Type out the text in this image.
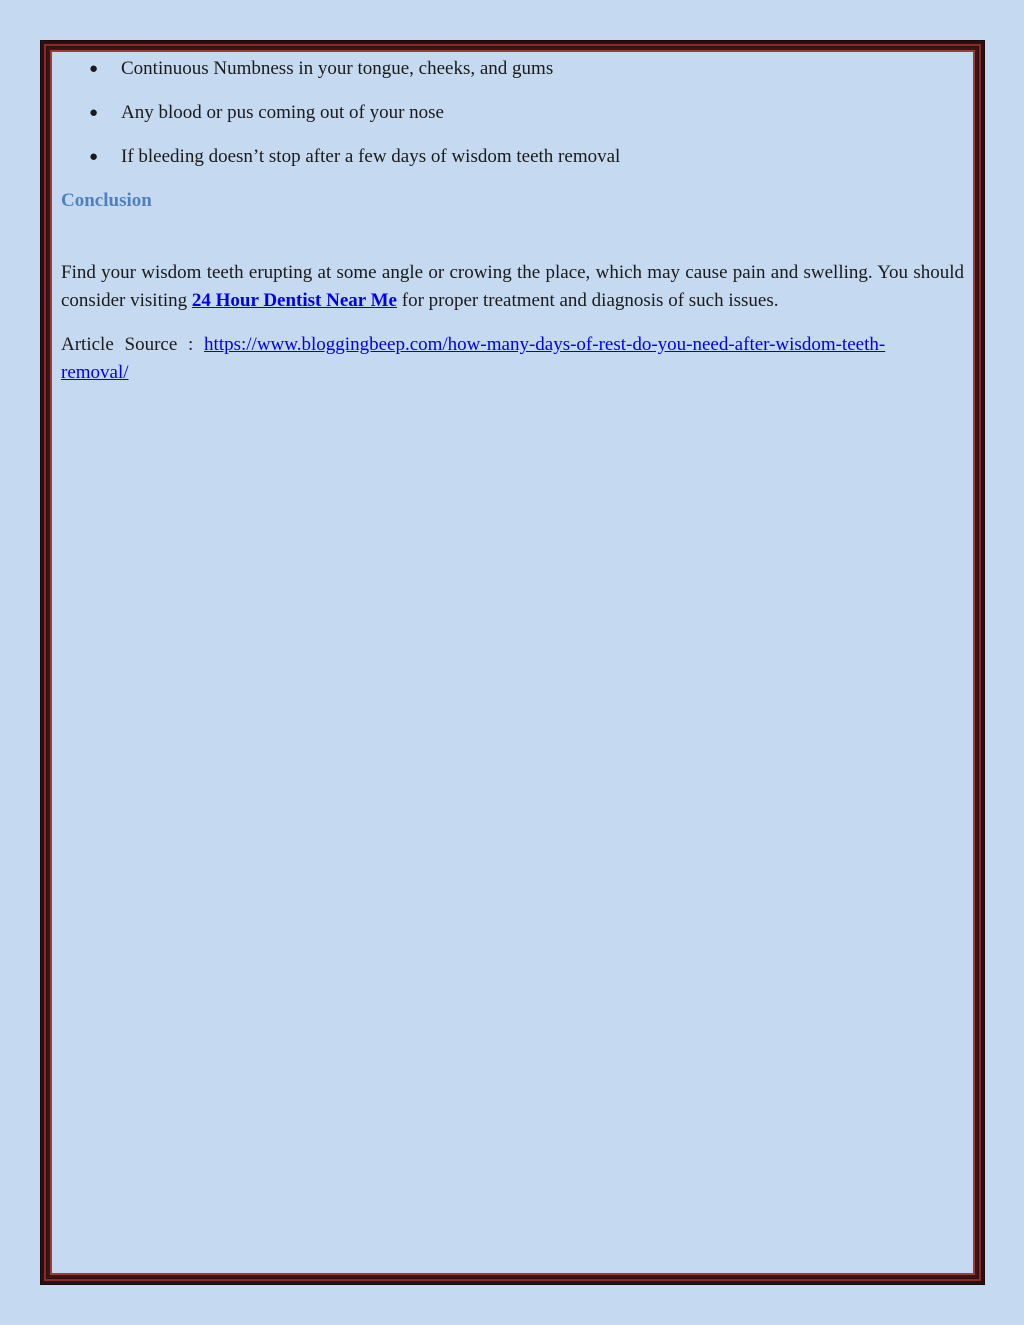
● Continuous Numbness in your tongue, cheeks, and gums
● Any blood or pus coming out of your nose
● If bleeding doesn’t stop after a few days of wisdom teeth removal
Conclusion

Find your wisdom teeth erupting at some angle or crowing the place, which may cause pain and swelling. You should consider visiting 24 Hour Dentist Near Me for proper treatment and diagnosis of such issues.

Article Source : https://www.bloggingbeep.com/how-many-days-of-rest-do-you-need-after-wisdom-teeth-
removal/
